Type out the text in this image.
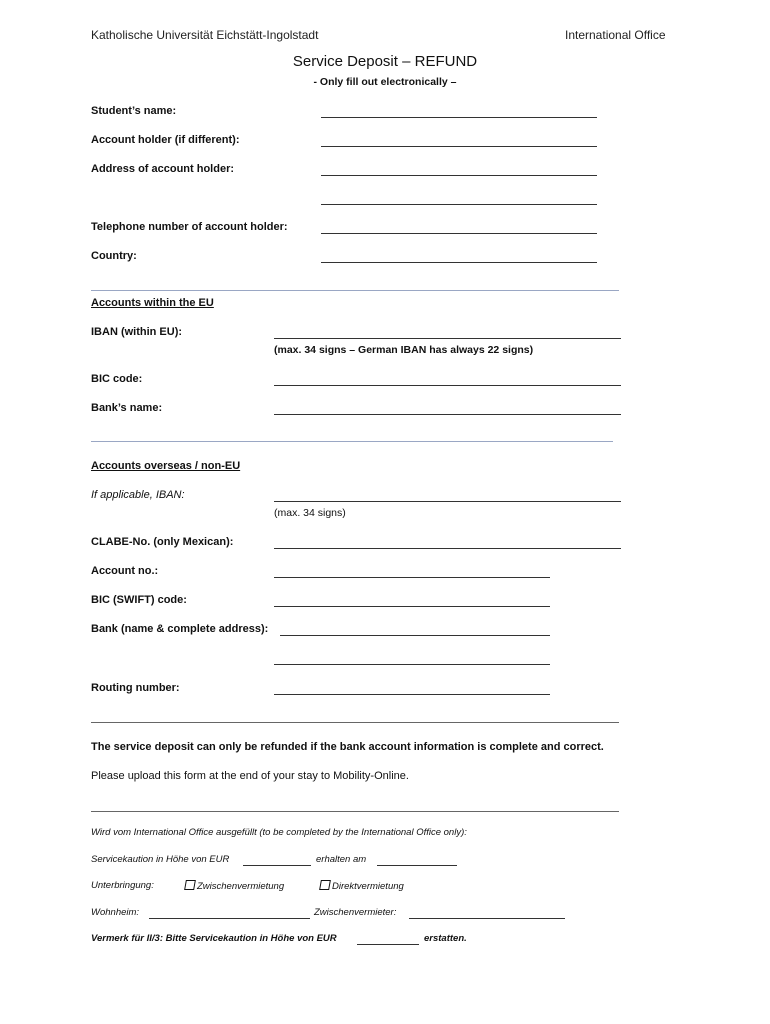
Katholische Universität Eichstätt-Ingolstadt	International Office
Service Deposit – REFUND
- Only fill out electronically –
Student’s name:
Account holder (if different):
Address of account holder:
Telephone number of account holder:
Country:
Accounts within the EU
IBAN (within EU):
(max. 34 signs – German IBAN has always 22 signs)
BIC code:
Bank’s name:
Accounts overseas / non-EU
If applicable, IBAN:
(max. 34 signs)
CLABE-No. (only Mexican):
Account no.:
BIC (SWIFT) code:
Bank (name & complete address):
Routing number:
The service deposit can only be refunded if the bank account information is complete and correct.
Please upload this form at the end of your stay to Mobility-Online.
Wird vom International Office ausgefüllt (to be completed by the International Office only):
Servicekaution in Höhe von EUR	erhalten am
Unterbringung:	Zwischenvermietung	Direktvermietung
Wohnheim:	Zwischenvermieter:
Vermerk für II/3: Bitte Servicekaution in Höhe von EUR	erstatten.
